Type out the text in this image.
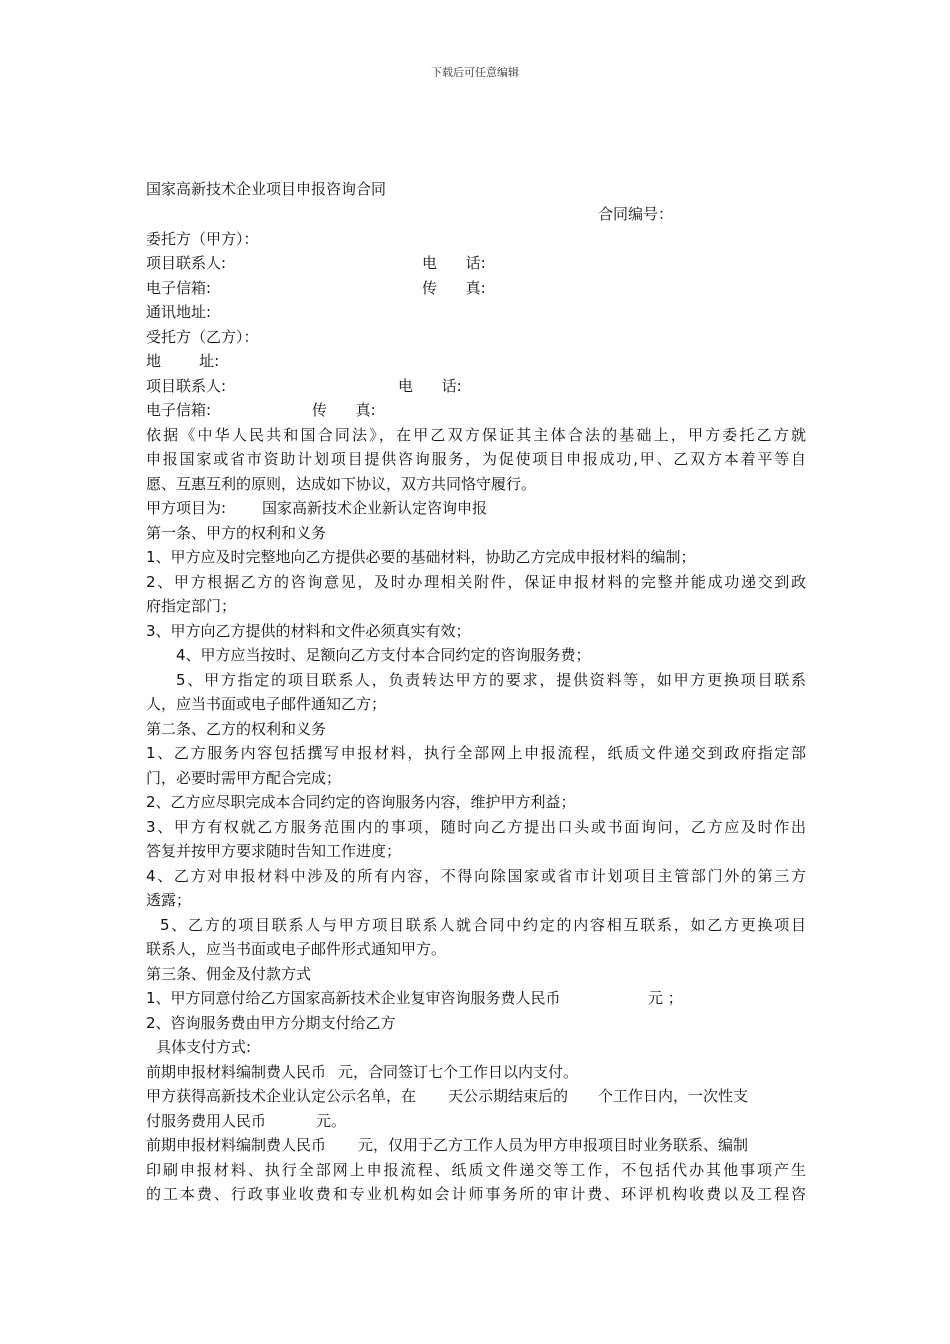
下载后可任意编辑
国家高新技术企业项目申报咨询合同
合同编号：
委托方（甲方）：
项目联系人:	电      话:
电子信箱:	传      真:
通讯地址:
受托方（乙方）：
地        址:
项目联系人:	电      话:
电子信箱:	传      真:
依据《中华人民共和国合同法》，在甲乙双方保证其主体合法的基础上，甲方委托乙方就
申报国家或省市资助计划项目提供咨询服务，为促使项目申报成功,甲、乙双方本着平等自
愿、互惠互利的原则，达成如下协议，双方共同恪守履行。
甲方项目为: 国家高新技术企业新认定咨询申报
第一条、甲方的权利和义务
1、甲方应及时完整地向乙方提供必要的基础材料，协助乙方完成申报材料的编制；
2、甲方根据乙方的咨询意见，及时办理相关附件，保证申报材料的完整并能成功递交到政
府指定部门；
3、甲方向乙方提供的材料和文件必须真实有效；
4、甲方应当按时、足额向乙方支付本合同约定的咨询服务费；
5、甲方指定的项目联系人，负责转达甲方的要求，提供资料等，如甲方更换项目联系
人，应当书面或电子邮件通知乙方；
第二条、乙方的权利和义务
1、乙方服务内容包括撰写申报材料，执行全部网上申报流程，纸质文件递交到政府指定部
门，必要时需甲方配合完成；
2、乙方应尽职完成本合同约定的咨询服务内容，维护甲方利益；
3、甲方有权就乙方服务范围内的事项，随时向乙方提出口头或书面询问，乙方应及时作出
答复并按甲方要求随时告知工作进度；
4、乙方对申报材料中涉及的所有内容，不得向除国家或省市计划项目主管部门外的第三方
透露；
5、乙方的项目联系人与甲方项目联系人就合同中约定的内容相互联系，如乙方更换项目
联系人，应当书面或电子邮件形式通知甲方。
第三条、佣金及付款方式
1、甲方同意付给乙方国家高新技术企业复审咨询服务费人民币	元 ；
2、咨询服务费由甲方分期支付给乙方
具体支付方式:
前期申报材料编制费人民币 元，合同签订七个工作日以内支付。
甲方获得高新技术企业认定公示名单，在 天公示期结束后的 个工作日内，一次性支
付服务费用人民币	元。
前期申报材料编制费人民币 元，仅用于乙方工作人员为甲方申报项目时业务联系、编制
印刷申报材料、执行全部网上申报流程、纸质文件递交等工作，不包括代办其他事项产生
的工本费、行政事业收费和专业机构如会计师事务所的审计费、环评机构收费以及工程咨
